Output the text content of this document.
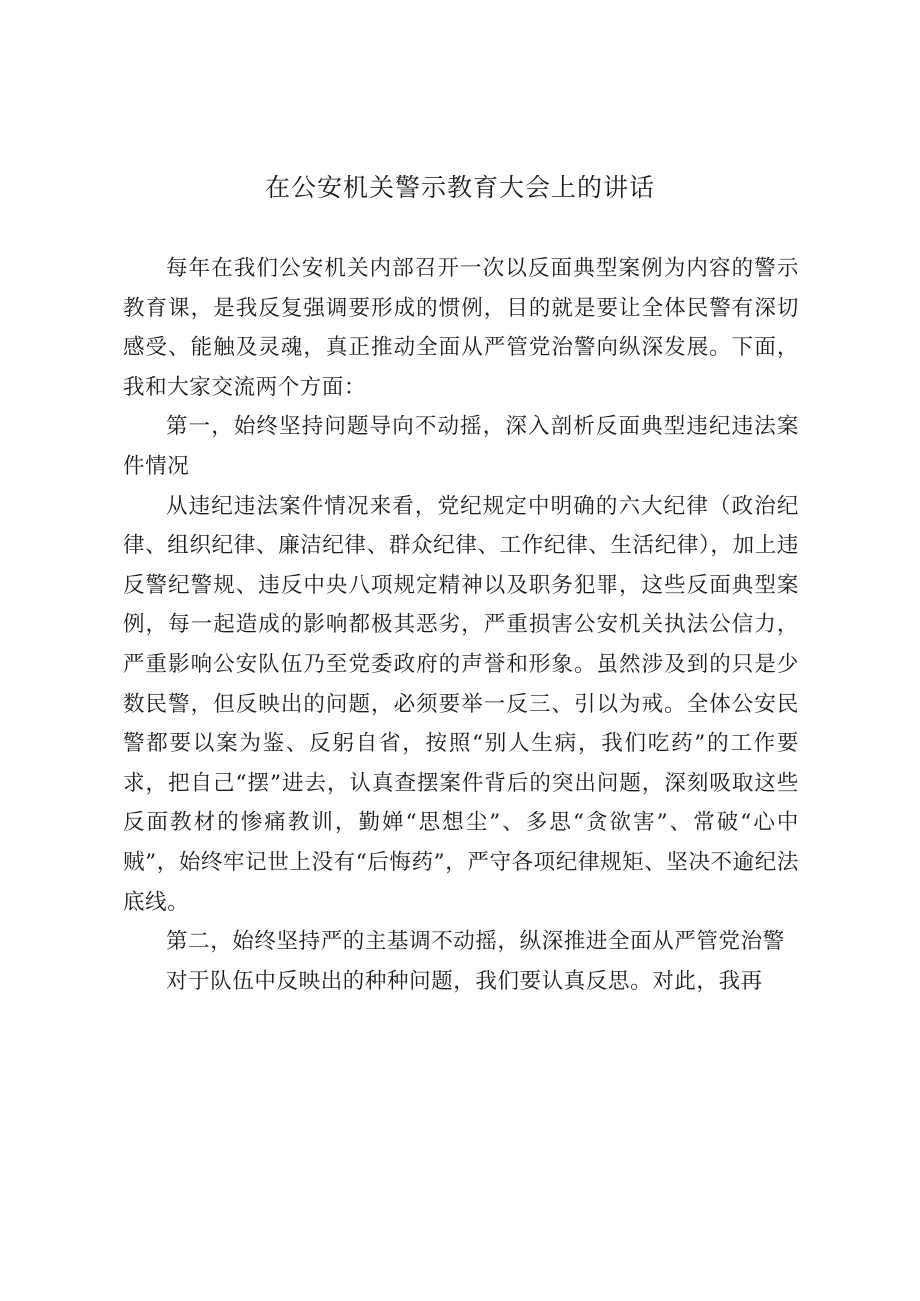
在公安机关警示教育大会上的讲话

每年在我们公安机关内部召开一次以反面典型案例为内容的警示教育课，是我反复强调要形成的惯例，目的就是要让全体民警有深切感受、能触及灵魂，真正推动全面从严管党治警向纵深发展。下面，我和大家交流两个方面：

第一，始终坚持问题导向不动摇，深入剖析反面典型违纪违法案件情况

从违纪违法案件情况来看，党纪规定中明确的六大纪律（政治纪律、组织纪律、廉洁纪律、群众纪律、工作纪律、生活纪律），加上违反警纪警规、违反中央八项规定精神以及职务犯罪，这些反面典型案例，每一起造成的影响都极其恶劣，严重损害公安机关执法公信力，严重影响公安队伍乃至党委政府的声誉和形象。虽然涉及到的只是少数民警，但反映出的问题，必须要举一反三、引以为戒。全体公安民警都要以案为鉴、反躬自省，按照“别人生病，我们吃药”的工作要求，把自己“摆”进去，认真查摆案件背后的突出问题，深刻吸取这些反面教材的惨痛教训，勤婵“思想尘”、多思“贪欲害”、常破“心中贼”，始终牢记世上没有“后悔药”，严守各项纪律规矩、坚决不逾纪法底线。

第二，始终坚持严的主基调不动摇，纵深推进全面从严管党治警

对于队伍中反映出的种种问题，我们要认真反思。对此，我再
